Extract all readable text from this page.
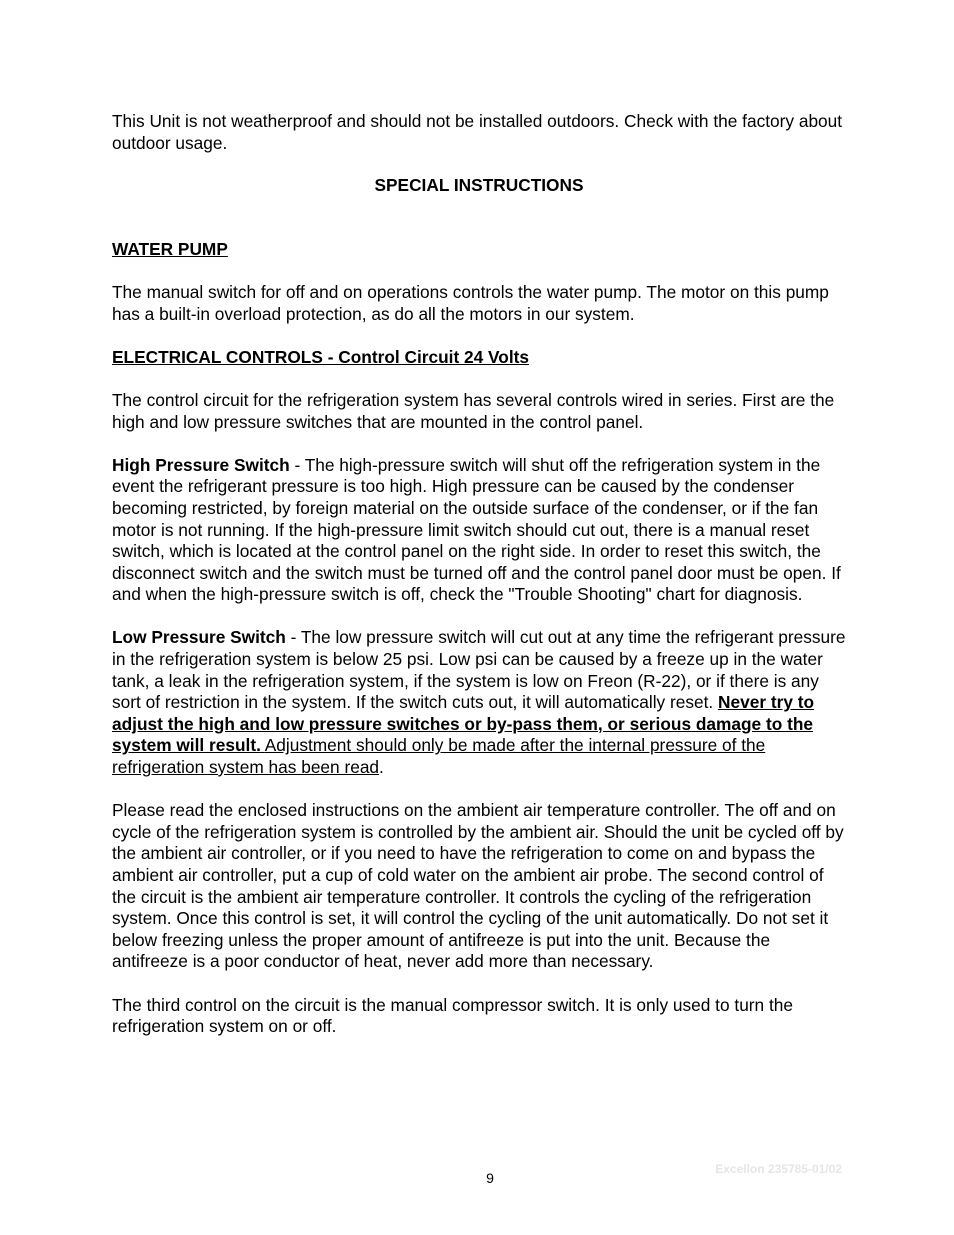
This Unit is not weatherproof and should not be installed outdoors. Check with the factory about outdoor usage.

SPECIAL INSTRUCTIONS

WATER PUMP

The manual switch for off and on operations controls the water pump. The motor on this pump has a built-in overload protection, as do all the motors in our system.

ELECTRICAL CONTROLS - Control Circuit 24 Volts

The control circuit for the refrigeration system has several controls wired in series. First are the high and low pressure switches that are mounted in the control panel.

High Pressure Switch - The high-pressure switch will shut off the refrigeration system in the event the refrigerant pressure is too high. High pressure can be caused by the condenser becoming restricted, by foreign material on the outside surface of the condenser, or if the fan motor is not running. If the high-pressure limit switch should cut out, there is a manual reset switch, which is located at the control panel on the right side. In order to reset this switch, the disconnect switch and the switch must be turned off and the control panel door must be open. If and when the high-pressure switch is off, check the "Trouble Shooting" chart for diagnosis.

Low Pressure Switch - The low pressure switch will cut out at any time the refrigerant pressure in the refrigeration system is below 25 psi. Low psi can be caused by a freeze up in the water tank, a leak in the refrigeration system, if the system is low on Freon (R-22), or if there is any sort of restriction in the system. If the switch cuts out, it will automatically reset. Never try to adjust the high and low pressure switches or by-pass them, or serious damage to the system will result. Adjustment should only be made after the internal pressure of the refrigeration system has been read.

Please read the enclosed instructions on the ambient air temperature controller. The off and on cycle of the refrigeration system is controlled by the ambient air. Should the unit be cycled off by the ambient air controller, or if you need to have the refrigeration to come on and bypass the ambient air controller, put a cup of cold water on the ambient air probe. The second control of the circuit is the ambient air temperature controller. It controls the cycling of the refrigeration system. Once this control is set, it will control the cycling of the unit automatically. Do not set it below freezing unless the proper amount of antifreeze is put into the unit. Because the antifreeze is a poor conductor of heat, never add more than necessary.

The third control on the circuit is the manual compressor switch. It is only used to turn the refrigeration system on or off.

9
Excellon 235785-01/02
